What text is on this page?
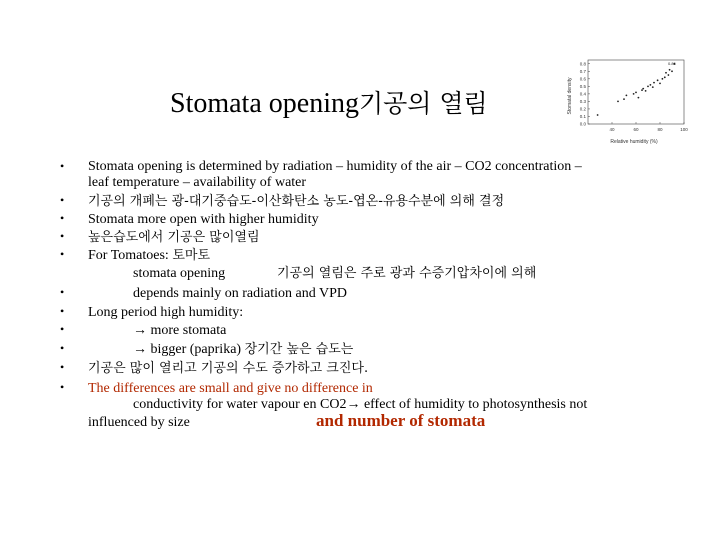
Stomata opening기공의 열림
0.0
0.1
0.2
0.3
0.4
0.5
0.6
0.7
0.8
40	60	80	100
0.86
Relative humidity (%)
Stomatal density
•
•
•
•
•
•
•
•
•
•
•
Stomata opening is determined by radiation – humidity of the air – CO2 concentration –
leaf temperature – availability of water
기공의 개폐는 광-대기중습도-이산화탄소 농도-엽온-유용수분에 의해 결정
Stomata more open with higher humidity
높은습도에서 기공은 많이열림
For Tomatoes: 토마토
stomata opening	기공의 열림은 주로 광과 수증기압차이에 의해
depends mainly on radiation and VPD
Long period high humidity:
→ more stomata
→ bigger (paprika) 장기간 높은 습도는
기공은 많이 열리고 기공의 수도 증가하고 크진다.
The differences are small and give no difference in
conductivity for water vapour en CO2→ effect of humidity to photosynthesis not
influenced by size	and number of stomata
